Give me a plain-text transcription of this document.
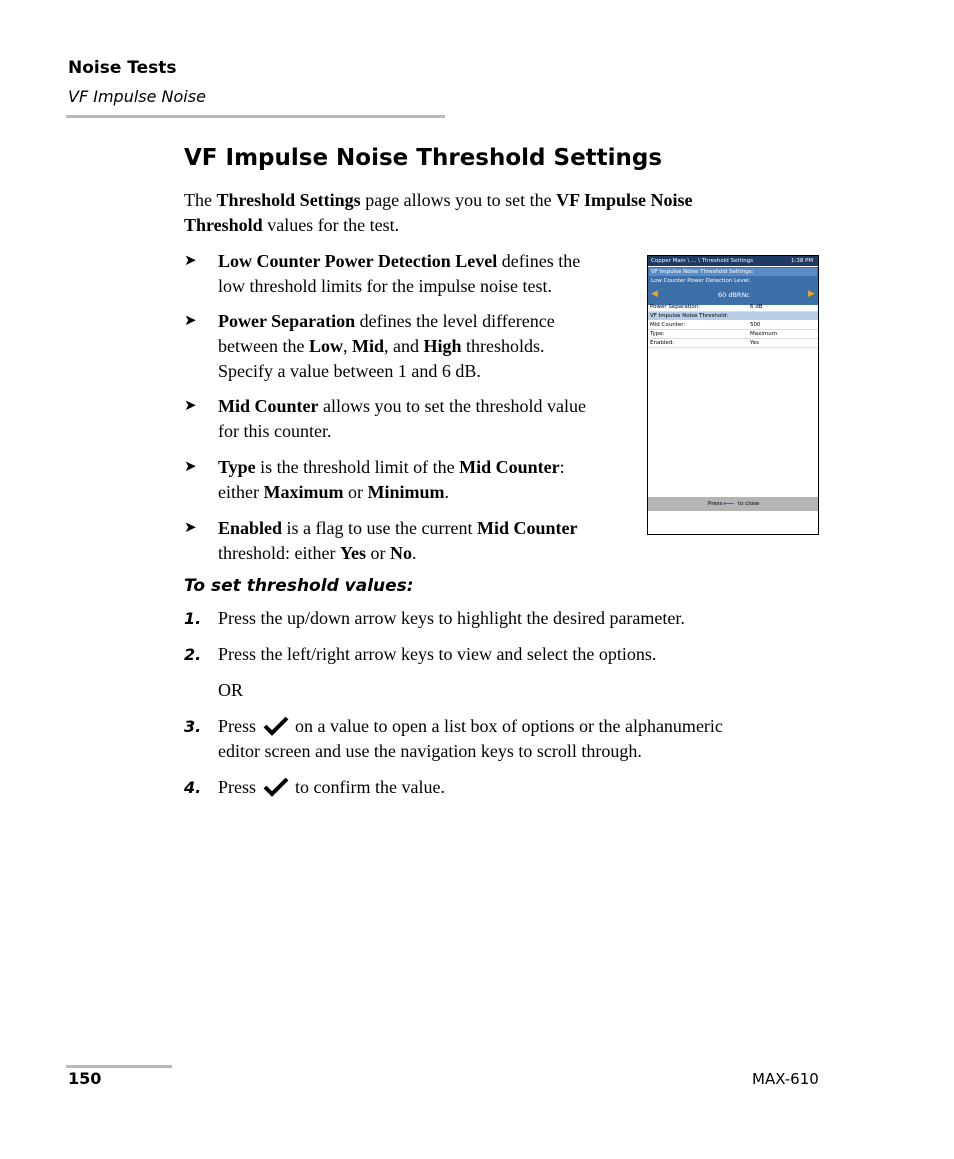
Noise Tests
VF Impulse Noise
VF Impulse Noise Threshold Settings
The Threshold Settings page allows you to set the VF Impulse Noise
Threshold values for the test.
➤ Low Counter Power Detection Level defines the
low threshold limits for the impulse noise test.
➤ Power Separation defines the level difference
between the Low, Mid, and High thresholds.
Specify a value between 1 and 6 dB.
➤ Mid Counter allows you to set the threshold value
for this counter.
➤ Type is the threshold limit of the Mid Counter:
either Maximum or Minimum.
➤ Enabled is a flag to use the current Mid Counter
threshold: either Yes or No.
Copper Main \ ... \ Threshold Settings	1:38 PM
VF Impulse Noise Threshold Settings:
Low Counter Power Detection Level:
◀	60 dBRNc	▶
Power Separation:	6 dB
VF Impulse Noise Threshold:
Mid Counter:	500
Type:	Maximum
Enabled:	Yes
Press ⟵ to close
To set threshold values:
1. Press the up/down arrow keys to highlight the desired parameter.
2. Press the left/right arrow keys to view and select the options.
OR
3. Press  on a value to open a list box of options or the alphanumeric
editor screen and use the navigation keys to scroll through.
4. Press  to confirm the value.
150	MAX-610
